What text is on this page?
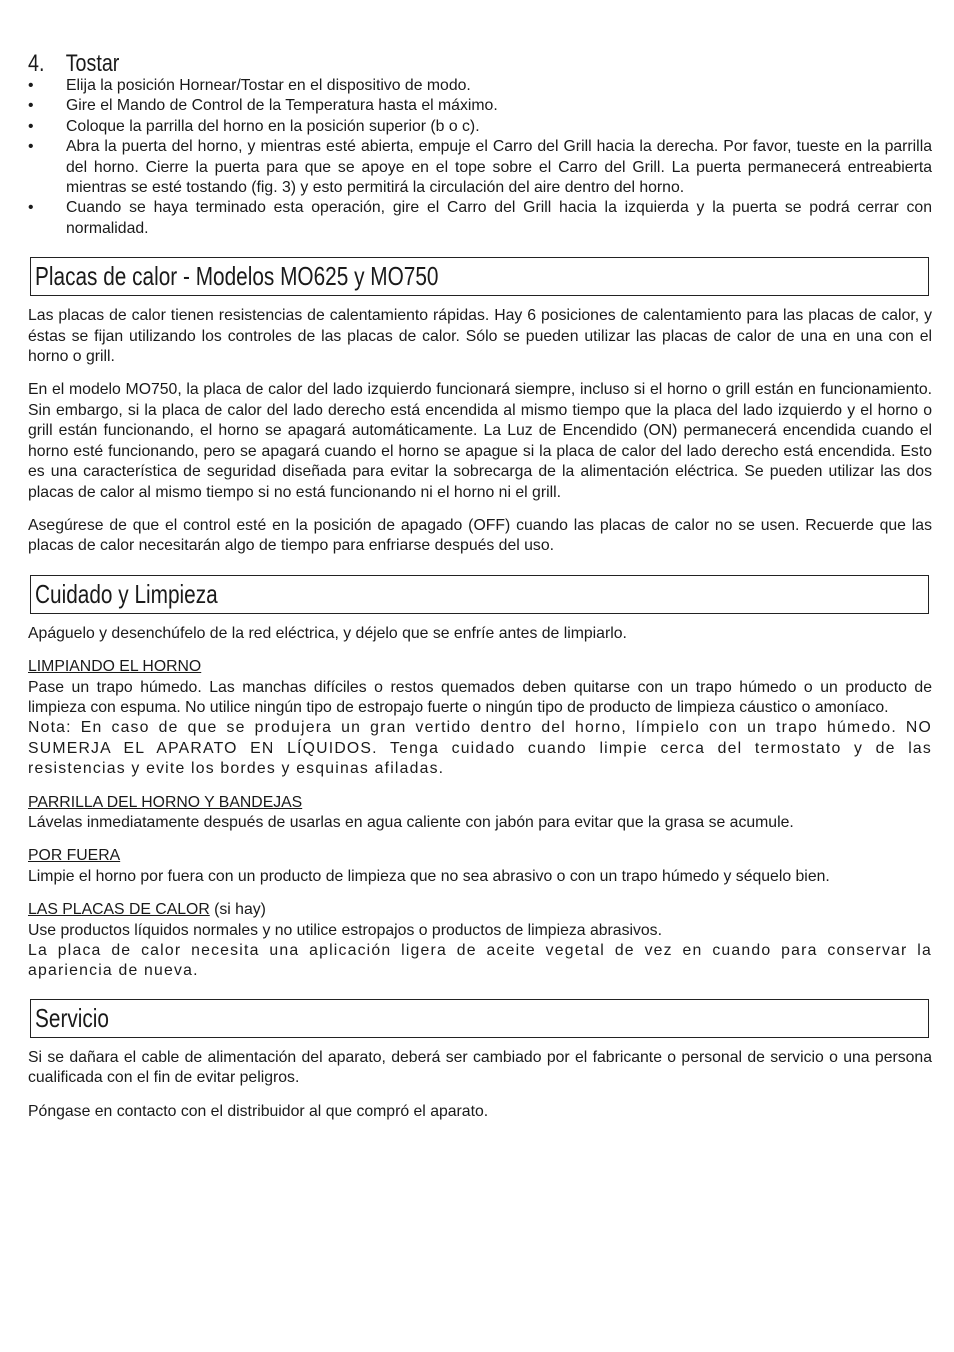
4. Tostar
• Elija la posición Hornear/Tostar en el dispositivo de modo.
• Gire el Mando de Control de la Temperatura hasta el máximo.
• Coloque la parrilla del horno en la posición superior (b o c).
• Abra la puerta del horno, y mientras esté abierta, empuje el Carro del Grill hacia la derecha. Por favor, tueste en la parrilla del horno. Cierre la puerta para que se apoye en el tope sobre el Carro del Grill. La puerta permanecerá entreabierta mientras se esté tostando (fig. 3) y esto permitirá la circulación del aire dentro del horno.
• Cuando se haya terminado esta operación, gire el Carro del Grill hacia la izquierda y la puerta se podrá cerrar con normalidad.
Placas de calor - Modelos MO625 y MO750

Las placas de calor tienen resistencias de calentamiento rápidas. Hay 6 posiciones de calentamiento para las placas de calor, y éstas se fijan utilizando los controles de las placas de calor. Sólo se pueden utilizar las placas de calor de una en una con el horno o grill.

En el modelo MO750, la placa de calor del lado izquierdo funcionará siempre, incluso si el horno o grill están en funcionamiento. Sin embargo, si la placa de calor del lado derecho está encendida al mismo tiempo que la placa del lado izquierdo y el horno o grill están funcionando, el horno se apagará automáticamente. La Luz de Encendido (ON) permanecerá encendida cuando el horno esté funcionando, pero se apagará cuando el horno se apague si la placa de calor del lado derecho está encendida. Esto es una característica de seguridad diseñada para evitar la sobrecarga de la alimentación eléctrica. Se pueden utilizar las dos placas de calor al mismo tiempo si no está funcionando ni el horno ni el grill.

Asegúrese de que el control esté en la posición de apagado (OFF) cuando las placas de calor no se usen. Recuerde que las placas de calor necesitarán algo de tiempo para enfriarse después del uso.

Cuidado y Limpieza

Apáguelo y desenchúfelo de la red eléctrica, y déjelo que se enfríe antes de limpiarlo.

LIMPIANDO EL HORNO

Pase un trapo húmedo. Las manchas difíciles o restos quemados deben quitarse con un trapo húmedo o un producto de limpieza con espuma. No utilice ningún tipo de estropajo fuerte o ningún tipo de producto de limpieza cáustico o amoníaco.

Nota: En caso de que se produjera un gran vertido dentro del horno, límpielo con un trapo húmedo. NO SUMERJA EL APARATO EN LÍQUIDOS. Tenga cuidado cuando limpie cerca del termostato y de las resistencias y evite los bordes y esquinas afiladas.

PARRILLA DEL HORNO Y BANDEJAS

Lávelas inmediatamente después de usarlas en agua caliente con jabón para evitar que la grasa se acumule.

POR FUERA

Limpie el horno por fuera con un producto de limpieza que no sea abrasivo o con un trapo húmedo y séquelo bien.

LAS PLACAS DE CALOR (si hay)

Use productos líquidos normales y no utilice estropajos o productos de limpieza abrasivos.

La placa de calor necesita una aplicación ligera de aceite vegetal de vez en cuando para conservar la apariencia de nueva.

Servicio

Si se dañara el cable de alimentación del aparato, deberá ser cambiado por el fabricante o personal de servicio o una persona cualificada con el fin de evitar peligros.

Póngase en contacto con el distribuidor al que compró el aparato.
